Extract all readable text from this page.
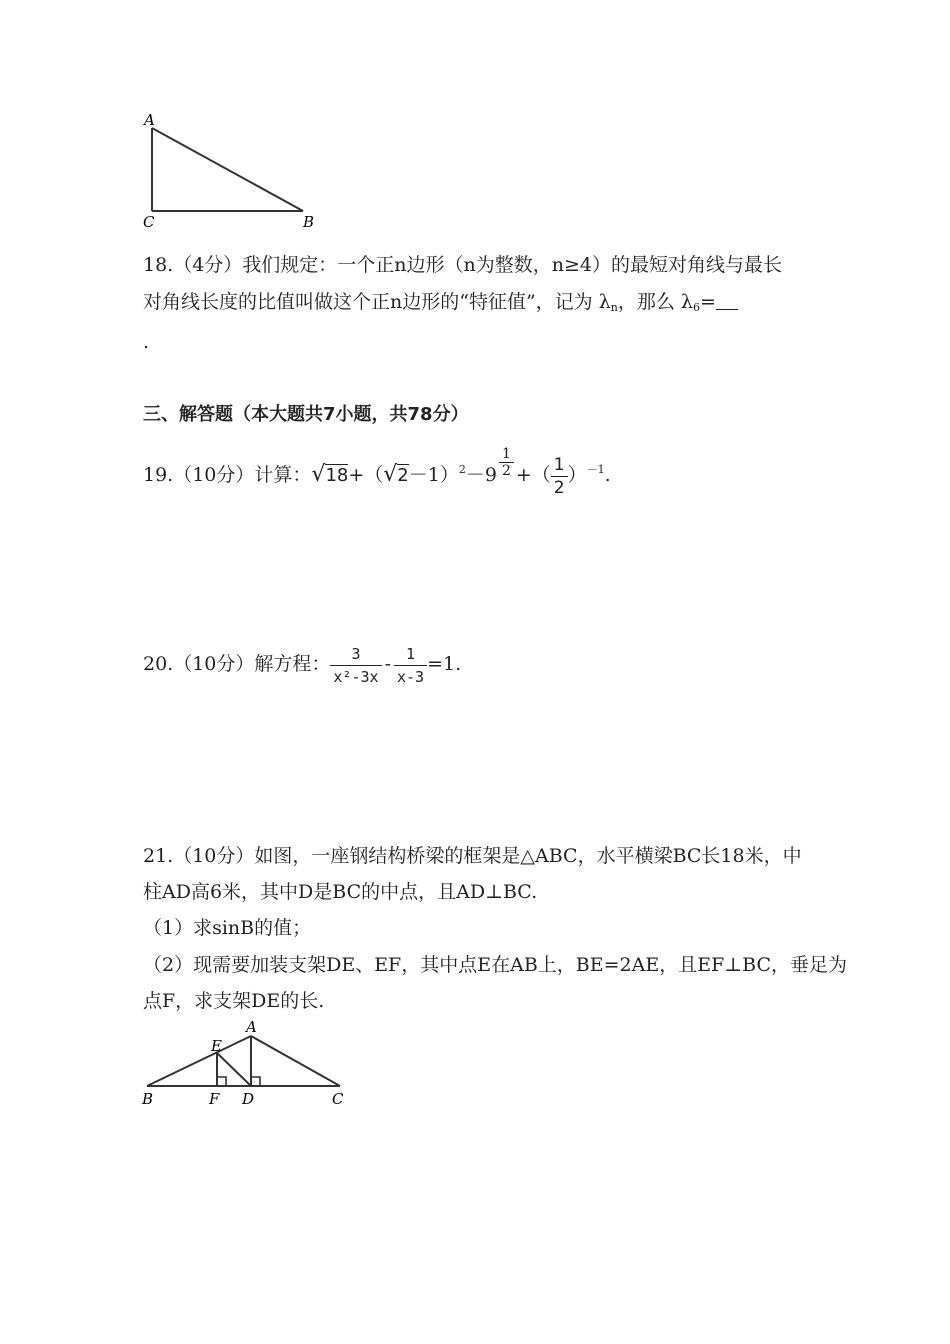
A
C	B
18.（4分）我们规定：一个正n边形（n为整数，n≥4）的最短对角线与最长
对角线长度的比值叫做这个正n边形的“特征值”，记为 $\lambda_n$，那么 $\lambda_6=$
.
三、解答题（本大题共7小题，共78分）
19.（10分）计算：$√18+(√2-1)^2-9 \frac{1}{2}$ +（ $\frac{1}{2} )^{-1}$.
20.（10分）解方程： $\frac{3}{\text{x²-3x}} - \frac{1}{x-3} =1$.
21.（10分）如图，一座钢结构桥梁的框架是△ABC，水平横梁BC长18米，中
柱AD高6米，其中D是BC的中点，且AD⊥BC.
（1）求sinB的值；
（2）现需要加装支架DE、EF，其中点E在AB上，BE=2AE，且EF⊥BC，垂足为
点F，求支架DE的长.
A
E
B	F D	C
